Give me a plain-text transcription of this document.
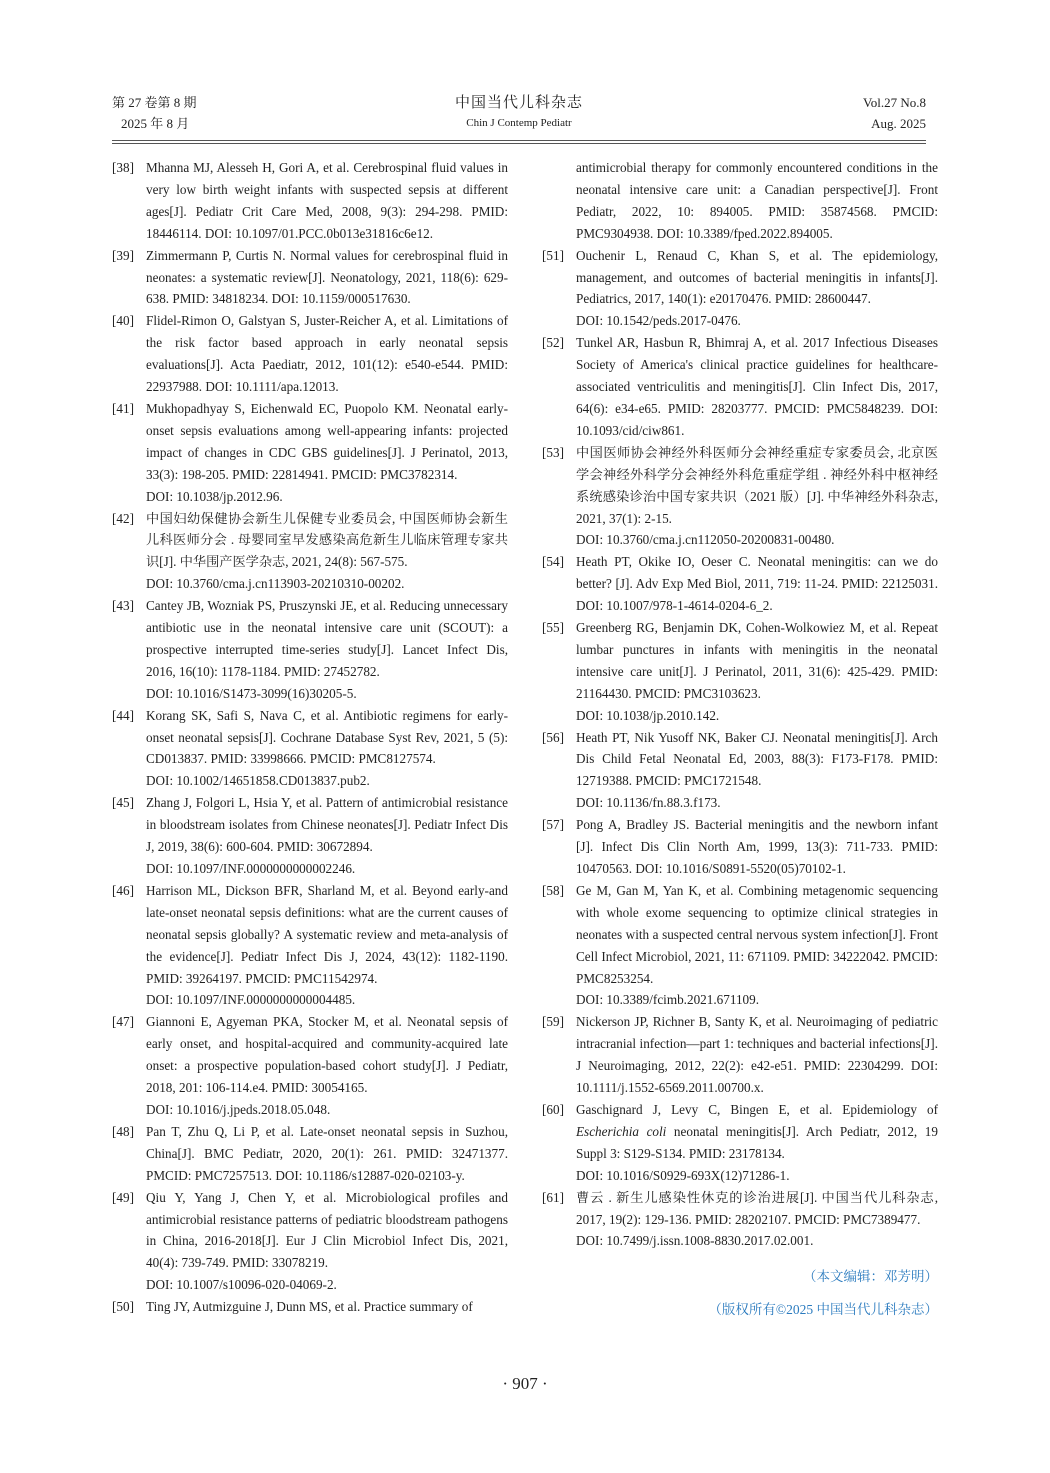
第 27 卷第 8 期
2025 年 8 月
中国当代儿科杂志
Chin J Contemp Pediatr
Vol.27 No.8
Aug. 2025
[38] Mhanna MJ, Alesseh H, Gori A, et al. Cerebrospinal fluid values in very low birth weight infants with suspected sepsis at different ages[J]. Pediatr Crit Care Med, 2008, 9(3): 294-298. PMID: 18446114. DOI: 10.1097/01.PCC.0b013e31816c6e12.
[39] Zimmermann P, Curtis N. Normal values for cerebrospinal fluid in neonates: a systematic review[J]. Neonatology, 2021, 118(6): 629-638. PMID: 34818234. DOI: 10.1159/000517630.
[40] Flidel-Rimon O, Galstyan S, Juster-Reicher A, et al. Limitations of the risk factor based approach in early neonatal sepsis evaluations[J]. Acta Paediatr, 2012, 101(12): e540-e544. PMID: 22937988. DOI: 10.1111/apa.12013.
[41] Mukhopadhyay S, Eichenwald EC, Puopolo KM. Neonatal early-onset sepsis evaluations among well-appearing infants: projected impact of changes in CDC GBS guidelines[J]. J Perinatol, 2013, 33(3): 198-205. PMID: 22814941. PMCID: PMC3782314.
DOI: 10.1038/jp.2012.96.
[42] 中国妇幼保健协会新生儿保健专业委员会, 中国医师协会新生儿科医师分会 . 母婴同室早发感染高危新生儿临床管理专家共识[J]. 中华围产医学杂志, 2021, 24(8): 567-575.
DOI: 10.3760/cma.j.cn113903-20210310-00202.
[43] Cantey JB, Wozniak PS, Pruszynski JE, et al. Reducing unnecessary antibiotic use in the neonatal intensive care unit (SCOUT): a prospective interrupted time-series study[J]. Lancet Infect Dis, 2016, 16(10): 1178-1184. PMID: 27452782.
DOI: 10.1016/S1473-3099(16)30205-5.
[44] Korang SK, Safi S, Nava C, et al. Antibiotic regimens for early-onset neonatal sepsis[J]. Cochrane Database Syst Rev, 2021, 5 (5): CD013837. PMID: 33998666. PMCID: PMC8127574.
DOI: 10.1002/14651858.CD013837.pub2.
[45] Zhang J, Folgori L, Hsia Y, et al. Pattern of antimicrobial resistance in bloodstream isolates from Chinese neonates[J]. Pediatr Infect Dis J, 2019, 38(6): 600-604. PMID: 30672894.
DOI: 10.1097/INF.0000000000002246.
[46] Harrison ML, Dickson BFR, Sharland M, et al. Beyond early-and late-onset neonatal sepsis definitions: what are the current causes of neonatal sepsis globally? A systematic review and meta-analysis of the evidence[J]. Pediatr Infect Dis J, 2024, 43(12): 1182-1190. PMID: 39264197. PMCID: PMC11542974.
DOI: 10.1097/INF.0000000000004485.
[47] Giannoni E, Agyeman PKA, Stocker M, et al. Neonatal sepsis of early onset, and hospital-acquired and community-acquired late onset: a prospective population-based cohort study[J]. J Pediatr, 2018, 201: 106-114.e4. PMID: 30054165.
DOI: 10.1016/j.jpeds.2018.05.048.
[48] Pan T, Zhu Q, Li P, et al. Late-onset neonatal sepsis in Suzhou, China[J]. BMC Pediatr, 2020, 20(1): 261. PMID: 32471377. PMCID: PMC7257513. DOI: 10.1186/s12887-020-02103-y.
[49] Qiu Y, Yang J, Chen Y, et al. Microbiological profiles and antimicrobial resistance patterns of pediatric bloodstream pathogens in China, 2016-2018[J]. Eur J Clin Microbiol Infect Dis, 2021, 40(4): 739-749. PMID: 33078219.
DOI: 10.1007/s10096-020-04069-2.
[50] Ting JY, Autmizguine J, Dunn MS, et al. Practice summary of
antimicrobial therapy for commonly encountered conditions in the neonatal intensive care unit: a Canadian perspective[J]. Front Pediatr, 2022, 10: 894005. PMID: 35874568. PMCID: PMC9304938. DOI: 10.3389/fped.2022.894005.
[51] Ouchenir L, Renaud C, Khan S, et al. The epidemiology, management, and outcomes of bacterial meningitis in infants[J]. Pediatrics, 2017, 140(1): e20170476. PMID: 28600447.
DOI: 10.1542/peds.2017-0476.
[52] Tunkel AR, Hasbun R, Bhimraj A, et al. 2017 Infectious Diseases Society of America's clinical practice guidelines for healthcare-associated ventriculitis and meningitis[J]. Clin Infect Dis, 2017, 64(6): e34-e65. PMID: 28203777. PMCID: PMC5848239. DOI: 10.1093/cid/ciw861.
[53] 中国医师协会神经外科医师分会神经重症专家委员会, 北京医学会神经外科学分会神经外科危重症学组 . 神经外科中枢神经系统感染诊治中国专家共识（2021 版）[J]. 中华神经外科杂志, 2021, 37(1): 2-15.
DOI: 10.3760/cma.j.cn112050-20200831-00480.
[54] Heath PT, Okike IO, Oeser C. Neonatal meningitis: can we do better? [J]. Adv Exp Med Biol, 2011, 719: 11-24. PMID: 22125031. DOI: 10.1007/978-1-4614-0204-6_2.
[55] Greenberg RG, Benjamin DK, Cohen-Wolkowiez M, et al. Repeat lumbar punctures in infants with meningitis in the neonatal intensive care unit[J]. J Perinatol, 2011, 31(6): 425-429. PMID: 21164430. PMCID: PMC3103623.
DOI: 10.1038/jp.2010.142.
[56] Heath PT, Nik Yusoff NK, Baker CJ. Neonatal meningitis[J]. Arch Dis Child Fetal Neonatal Ed, 2003, 88(3): F173-F178. PMID: 12719388. PMCID: PMC1721548.
DOI: 10.1136/fn.88.3.f173.
[57] Pong A, Bradley JS. Bacterial meningitis and the newborn infant [J]. Infect Dis Clin North Am, 1999, 13(3): 711-733. PMID: 10470563. DOI: 10.1016/S0891-5520(05)70102-1.
[58] Ge M, Gan M, Yan K, et al. Combining metagenomic sequencing with whole exome sequencing to optimize clinical strategies in neonates with a suspected central nervous system infection[J]. Front Cell Infect Microbiol, 2021, 11: 671109. PMID: 34222042. PMCID: PMC8253254.
DOI: 10.3389/fcimb.2021.671109.
[59] Nickerson JP, Richner B, Santy K, et al. Neuroimaging of pediatric intracranial infection—part 1: techniques and bacterial infections[J]. J Neuroimaging, 2012, 22(2): e42-e51. PMID: 22304299. DOI: 10.1111/j.1552-6569.2011.00700.x.
[60] Gaschignard J, Levy C, Bingen E, et al. Epidemiology of Escherichia coli neonatal meningitis[J]. Arch Pediatr, 2012, 19 Suppl 3: S129-S134. PMID: 23178134.
DOI: 10.1016/S0929-693X(12)71286-1.
[61] 曹云 . 新生儿感染性休克的诊治进展[J]. 中国当代儿科杂志, 2017, 19(2): 129-136. PMID: 28202107. PMCID: PMC7389477.
DOI: 10.7499/j.issn.1008-8830.2017.02.001.
（本文编辑：邓芳明）
（版权所有©2025 中国当代儿科杂志）
· 907 ·
